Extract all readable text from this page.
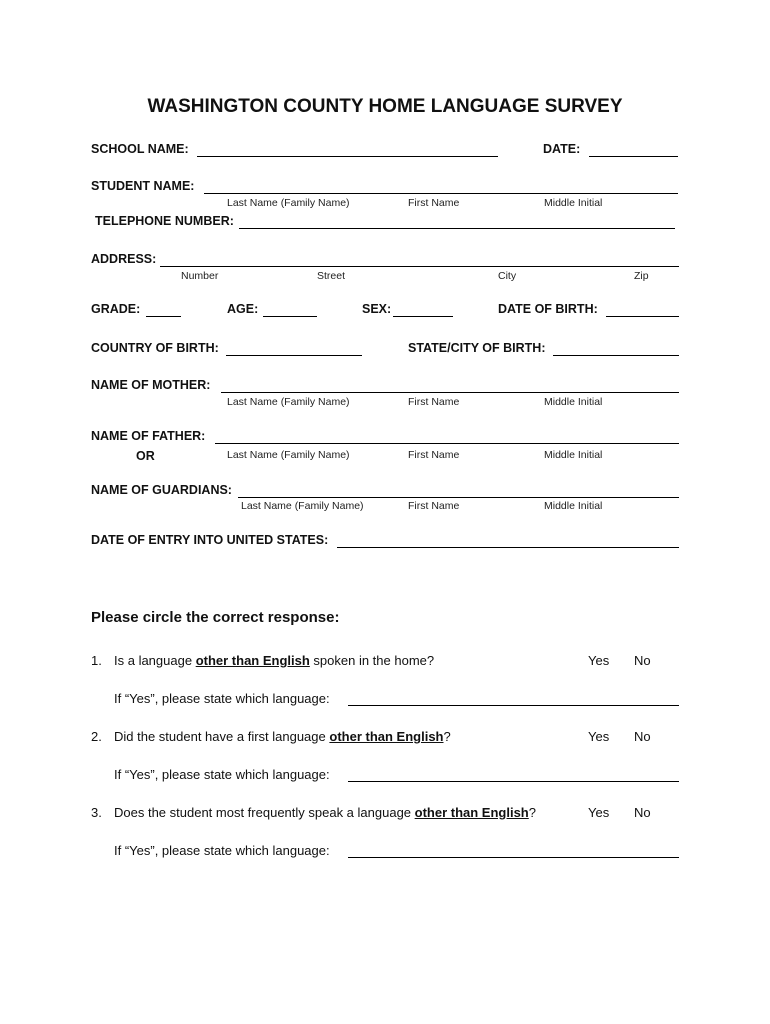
WASHINGTON COUNTY HOME LANGUAGE SURVEY
SCHOOL NAME:	DATE:
STUDENT NAME:
Last Name (Family Name)	First Name	Middle Initial
TELEPHONE NUMBER:
ADDRESS:
Number	Street	City	Zip
GRADE:	AGE:	SEX:	DATE OF BIRTH:
COUNTRY OF BIRTH:	STATE/CITY OF BIRTH:
NAME OF MOTHER:
Last Name (Family Name)	First Name	Middle Initial
NAME OF FATHER:
OR	Last Name (Family Name)	First Name	Middle Initial
NAME OF GUARDIANS:
Last Name (Family Name)	First Name	Middle Initial
DATE OF ENTRY INTO UNITED STATES:
Please circle the correct response:
1. Is a language other than English spoken in the home?	Yes No
If “Yes”, please state which language:
2. Did the student have a first language other than English?	Yes No
If “Yes”, please state which language:
3. Does the student most frequently speak a language other than English?	Yes No
If “Yes”, please state which language:
